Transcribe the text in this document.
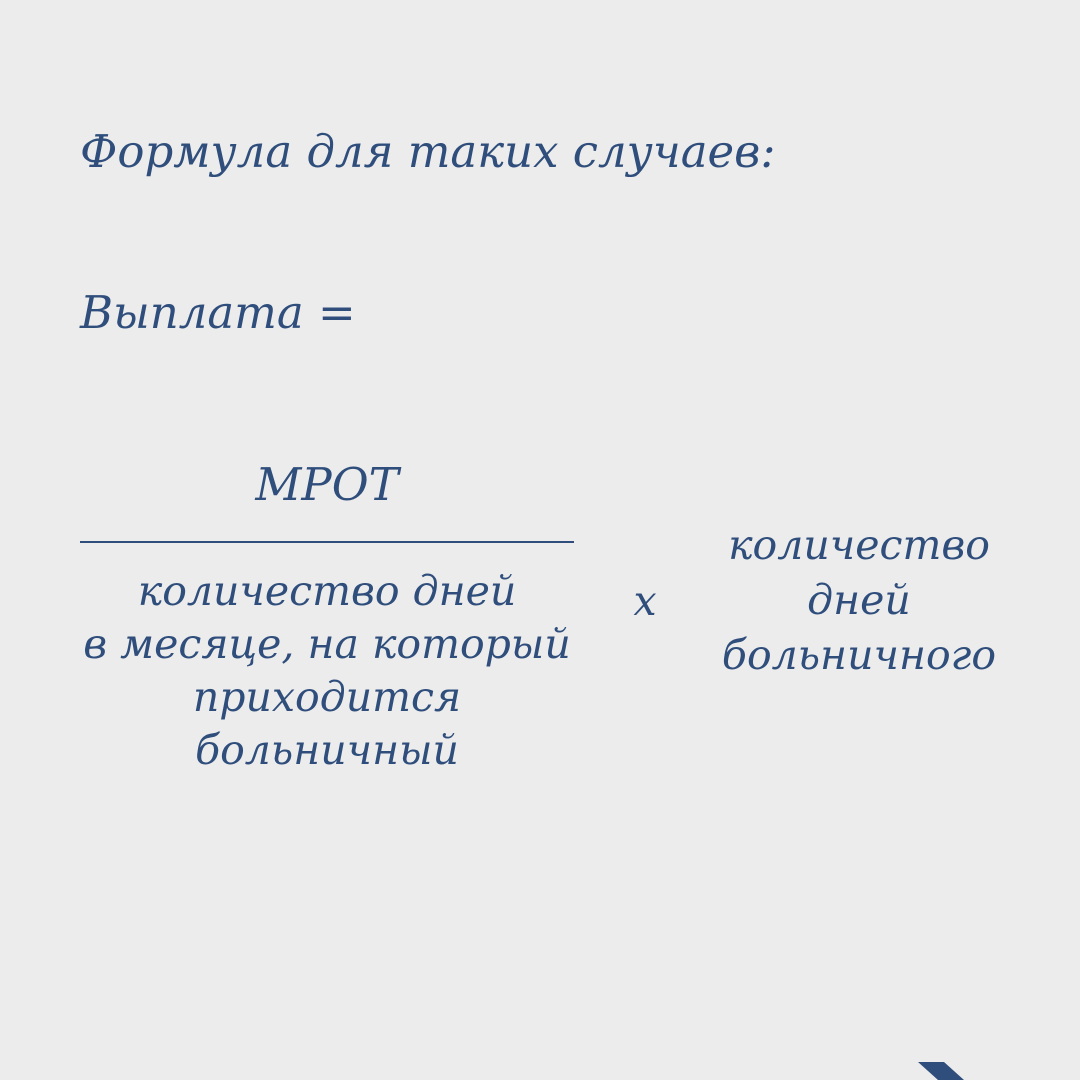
Формула для таких случаев:
Выплата =
МРОТ
количество дней
в месяце, на который
приходится
больничный
х
количество
дней
больничного
